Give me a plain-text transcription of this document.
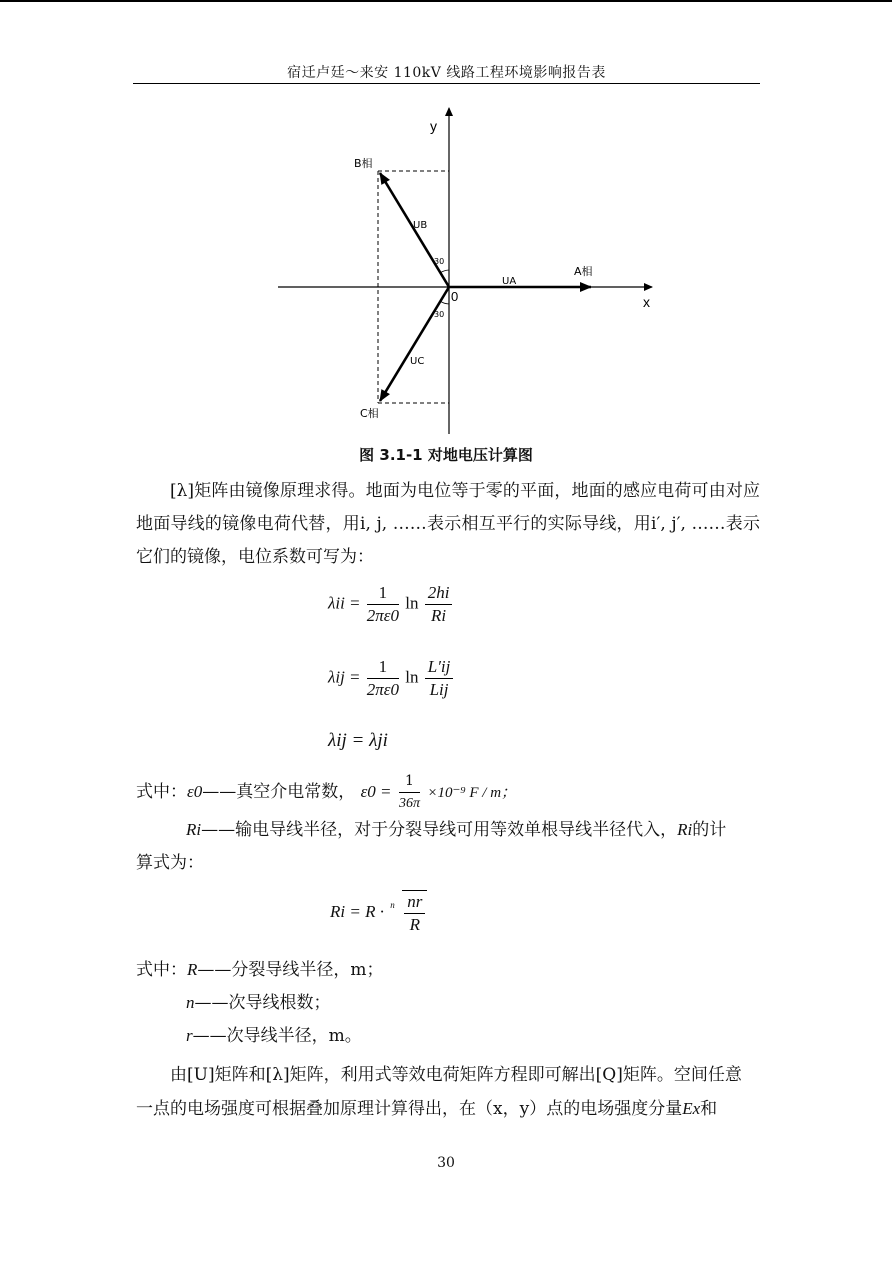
宿迁卢廷～来安 110kV 线路工程环境影响报告表
y
x
0
A相
B相
C相
UA
UB
UC
30
30
图 3.1-1 对地电压计算图
[λ]矩阵由镜像原理求得。地面为电位等于零的平面，地面的感应电荷可由对应地面导线的镜像电荷代替，用i, j, ……表示相互平行的实际导线，用i′, j′, ……表示它们的镜像，电位系数可写为：
$\lambda ii = \frac{1}{2\pi\varepsilon 0}$ $\ln \frac{2hi}{Ri}$
$\lambda ij = \frac{1}{2\pi\varepsilon 0}$ $\ln \frac{L'ij}{\text{Lij}}$
λij = λji
式中：ε0——真空介电常数， $\varepsilon 0 = \frac{1}{36\pi} \times 10^{-9}$ F / m；
Ri——输电导线半径，对于分裂导线可用等效单根导线半径代入，Ri的计
算式为：
Ri = R · n $\frac{nr}{R}$
式中：R——分裂导线半径，m；
n——次导线根数；
r——次导线半径，m。
由[U]矩阵和[λ]矩阵，利用式等效电荷矩阵方程即可解出[Q]矩阵。空间任意
一点的电场强度可根据叠加原理计算得出，在（x，y）点的电场强度分量Ex和
30
